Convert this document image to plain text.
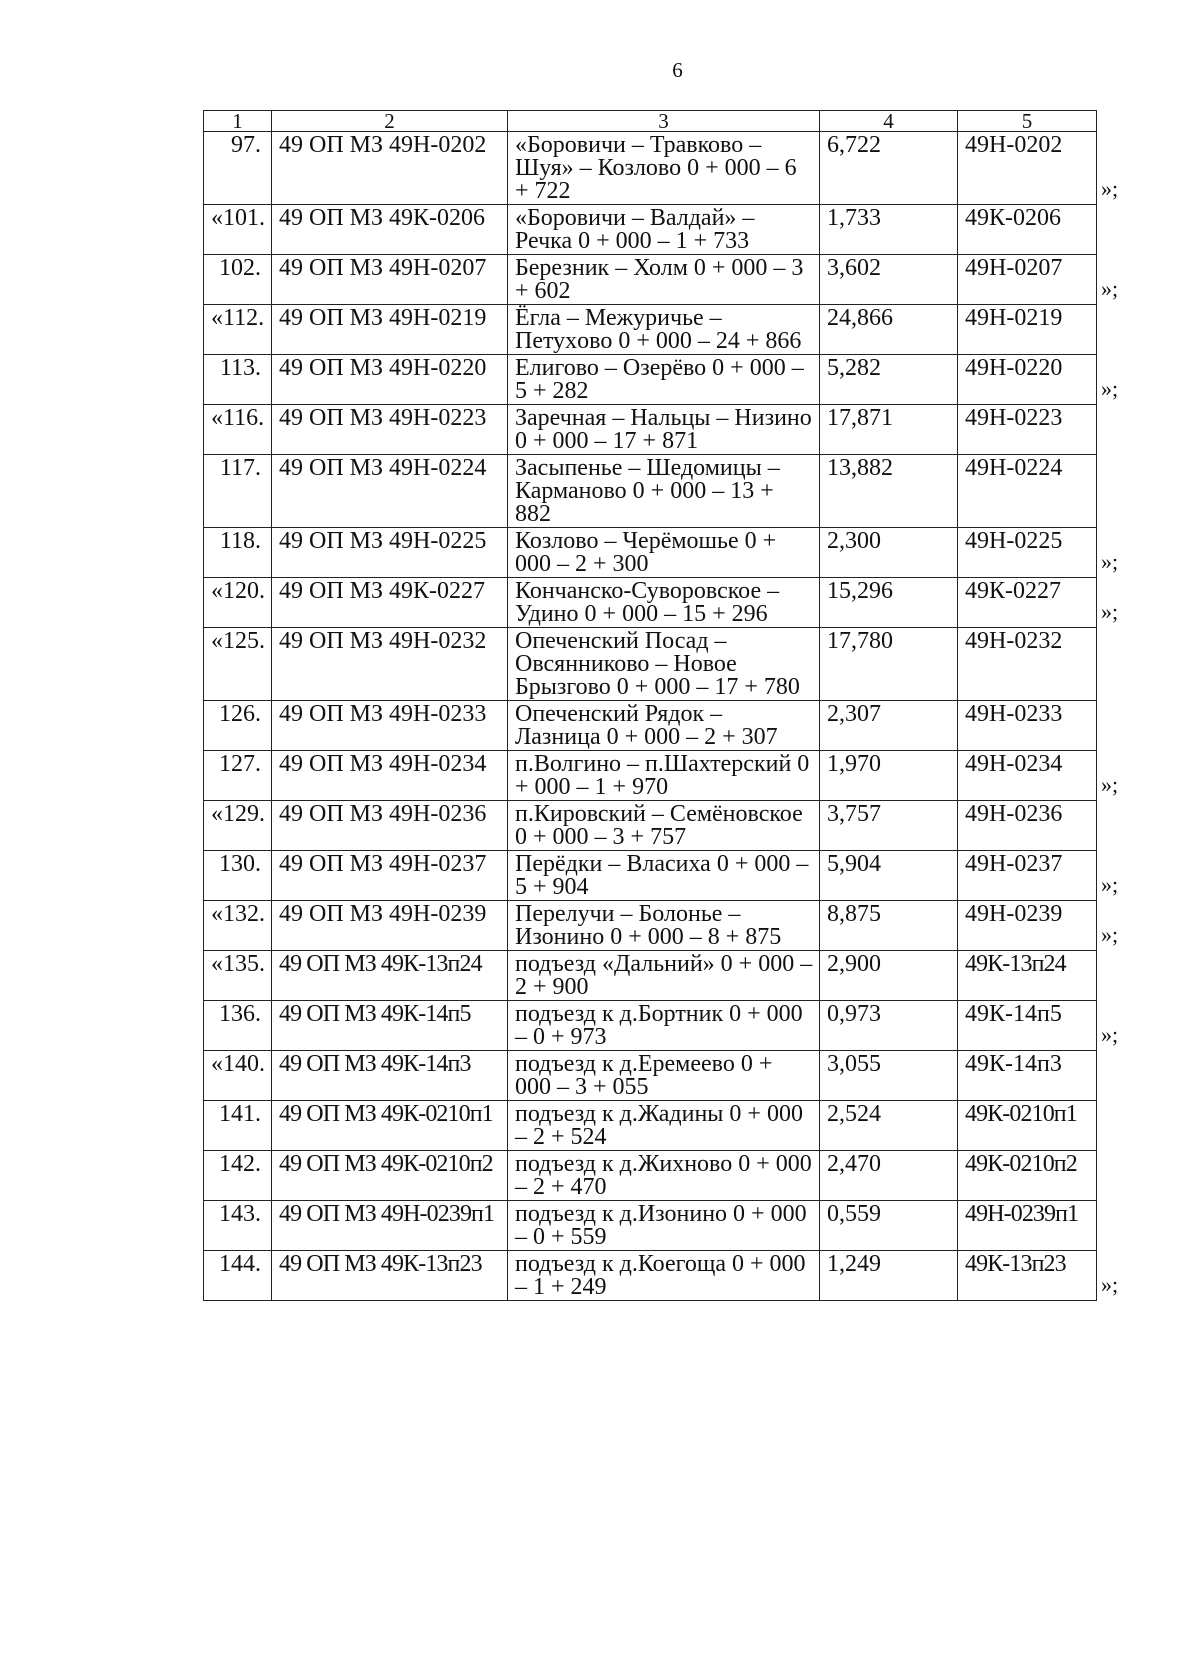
6
1	2	3	4	5
97.	49 ОП МЗ 49Н-0202	«Боровичи – Травково – Шуя» – Козлово 0 + 000 – 6 + 722	6,722	49Н-0202
«101.	49 ОП МЗ 49К-0206	«Боровичи – Валдай» – Речка 0 + 000 – 1 + 733	1,733	49К-0206
102.	49 ОП МЗ 49Н-0207	Березник – Холм 0 + 000 – 3 + 602	3,602	49Н-0207
«112.	49 ОП МЗ 49Н-0219	Ёгла – Межуричье – Петуxово 0 + 000 – 24 + 866	24,866	49Н-0219
113.	49 ОП МЗ 49Н-0220	Елигово – Озерёво 0 + 000 – 5 + 282	5,282	49Н-0220
«116.	49 ОП МЗ 49Н-0223	Заречная – Нальцы – Низино 0 + 000 – 17 + 871	17,871	49Н-0223
117.	49 ОП МЗ 49Н-0224	Засыпенье – Шедомицы – Карманово 0 + 000 – 13 + 882	13,882	49Н-0224
118.	49 ОП МЗ 49Н-0225	Козлово – Черёмошье 0 + 000 – 2 + 300	2,300	49Н-0225
«120.	49 ОП МЗ 49К-0227	Кончанско-Суворовское – Удино 0 + 000 – 15 + 296	15,296	49К-0227
«125.	49 ОП МЗ 49Н-0232	Опеченский Посад – Овсянниково – Новое Брызгово 0 + 000 – 17 + 780	17,780	49Н-0232
126.	49 ОП МЗ 49Н-0233	Опеченский Рядок – Лазница 0 + 000 – 2 + 307	2,307	49Н-0233
127.	49 ОП МЗ 49Н-0234	п.Волгино – п.Шахтерский 0 + 000 – 1 + 970	1,970	49Н-0234
«129.	49 ОП МЗ 49Н-0236	п.Кировский – Семёновское 0 + 000 – 3 + 757	3,757	49Н-0236
130.	49 ОП МЗ 49Н-0237	Перёдки – Власиха 0 + 000 – 5 + 904	5,904	49Н-0237
«132.	49 ОП МЗ 49Н-0239	Перелучи – Болонье – Изонино 0 + 000 – 8 + 875	8,875	49Н-0239
«135.	49 ОП МЗ 49К-13п24	подъезд «Дальний» 0 + 000 – 2 + 900	2,900	49К-13п24
136.	49 ОП МЗ 49К-14п5	подъезд к д.Бортник 0 + 000 – 0 + 973	0,973	49К-14п5
«140.	49 ОП МЗ 49К-14п3	подъезд к д.Еремеево 0 + 000 – 3 + 055	3,055	49К-14п3
141.	49 ОП МЗ 49К-0210п1	подъезд к д.Жадины 0 + 000 – 2 + 524	2,524	49К-0210п1
142.	49 ОП МЗ 49К-0210п2	подъезд к д.Жихново 0 + 000 – 2 + 470	2,470	49К-0210п2
143.	49 ОП МЗ 49Н-0239п1	подъезд к д.Изонино 0 + 000 – 0 + 559	0,559	49Н-0239п1
144.	49 ОП МЗ 49К-13п23	подъезд к д.Коегоща 0 + 000 – 1 + 249	1,249	49К-13п23
»;
»;
»;
»;
»;
»;
»;
»;
»;
»;
